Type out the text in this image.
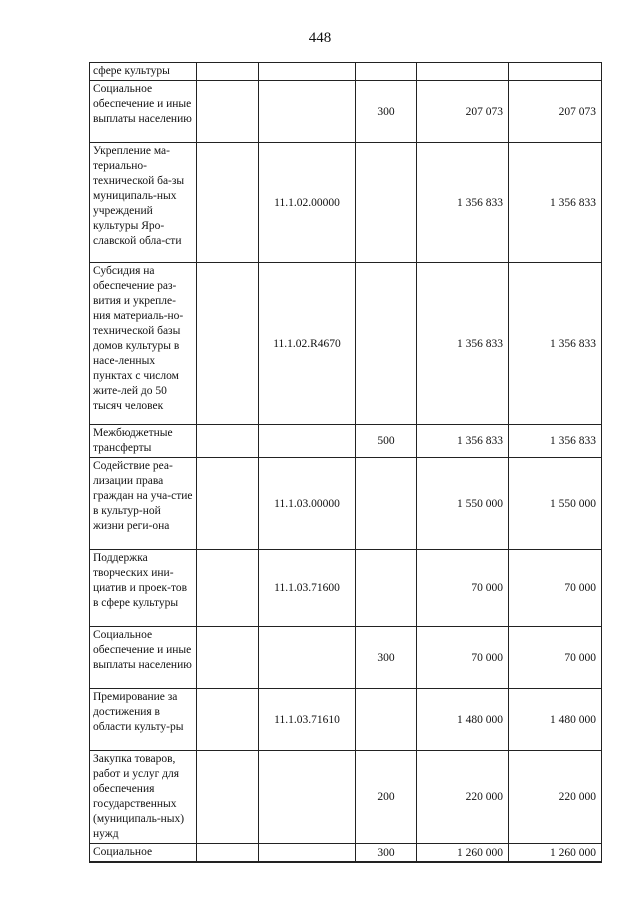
448
сфере культуры					
Социальное обеспечение и иные выплаты населению			300	207 073	207 073
Укрепление ма-териально-технической ба-зы муниципаль-ных учреждений культуры Яро-славской обла-сти		11.1.02.00000		1 356 833	1 356 833
Субсидия на обеспечение раз-вития и укрепле-ния материаль-но-технической базы домов культуры в насе-ленных пунктах с числом жите-лей до 50 тысяч человек		11.1.02.R4670		1 356 833	1 356 833
Межбюджетные трансферты			500	1 356 833	1 356 833
Содействие реа-лизации права граждан на уча-стие в культур-ной жизни реги-она		11.1.03.00000		1 550 000	1 550 000
Поддержка творческих ини-циатив и проек-тов в сфере культуры		11.1.03.71600		70 000	70 000
Социальное обеспечение и иные выплаты населению			300	70 000	70 000
Премирование за достижения в области культу-ры		11.1.03.71610		1 480 000	1 480 000
Закупка товаров, работ и услуг для обеспечения государственных (муниципаль-ных) нужд			200	220 000	220 000
Социальное			300	1 260 000	1 260 000
